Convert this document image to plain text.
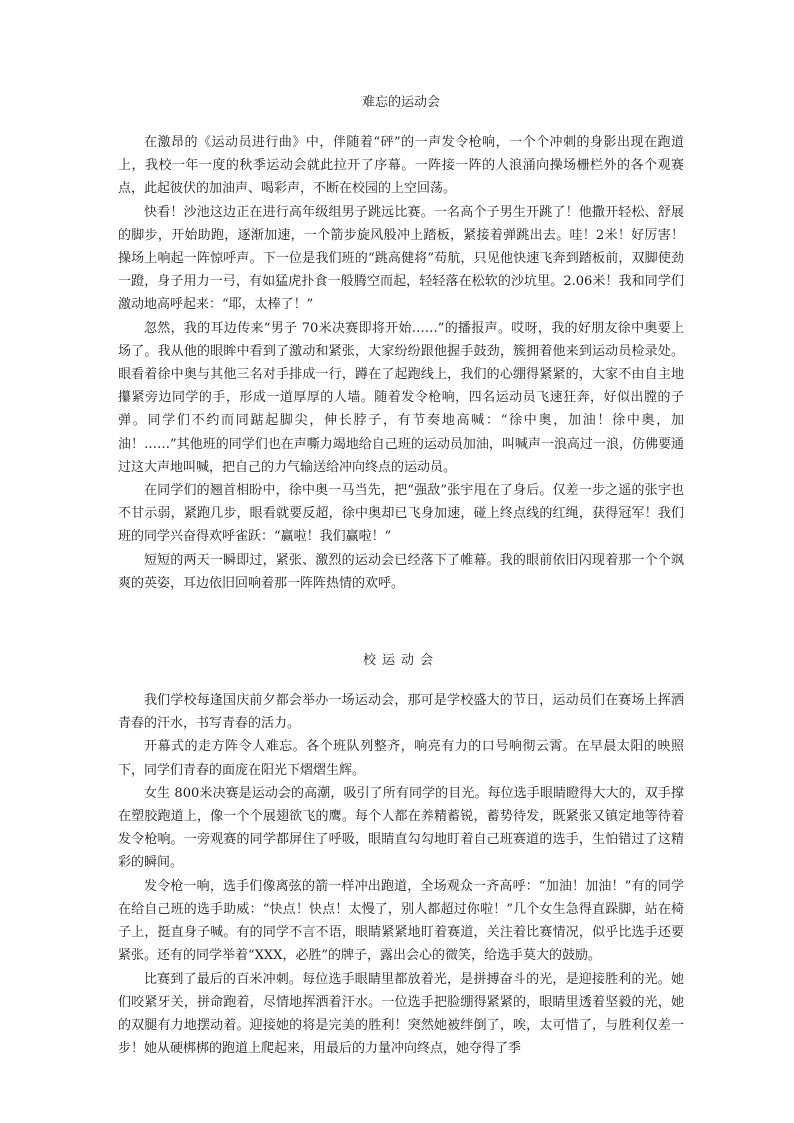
难忘的运动会

在激昂的《运动员进行曲》中，伴随着“砰”的一声发令枪响，一个个冲刺的身影出现在跑道上，我校一年一度的秋季运动会就此拉开了序幕。一阵接一阵的人浪涌向操场栅栏外的各个观赛点，此起彼伏的加油声、喝彩声，不断在校园的上空回荡。

快看！沙池这边正在进行高年级组男子跳远比赛。一名高个子男生开跳了！他撒开轻松、舒展的脚步，开始助跑，逐渐加速，一个箭步旋风般冲上踏板，紧接着弹跳出去。哇！2米！好厉害！操场上响起一阵惊呼声。下一位是我们班的“跳高健将”苟航，只见他快速飞奔到踏板前，双脚使劲一蹬，身子用力一弓，有如猛虎扑食一般腾空而起，轻轻落在松软的沙坑里。2.06米！我和同学们激动地高呼起来：“耶，太棒了！”

忽然，我的耳边传来“男子 70米决赛即将开始……”的播报声。哎呀，我的好朋友徐中奥要上场了。我从他的眼眸中看到了激动和紧张，大家纷纷跟他握手鼓劲，簇拥着他来到运动员检录处。眼看着徐中奥与其他三名对手排成一行，蹲在了起跑线上，我们的心绷得紧紧的，大家不由自主地攥紧旁边同学的手，形成一道厚厚的人墙。随着发令枪响，四名运动员飞速狂奔，好似出膛的子弹。同学们不约而同踮起脚尖，伸长脖子，有节奏地高喊：“徐中奥，加油！徐中奥，加油！……”其他班的同学们也在声嘶力竭地给自己班的运动员加油，叫喊声一浪高过一浪，仿佛要通过这大声地叫喊，把自己的力气输送给冲向终点的运动员。

在同学们的翘首相盼中，徐中奥一马当先，把“强敌”张宇甩在了身后。仅差一步之遥的张宇也不甘示弱，紧跑几步，眼看就要反超，徐中奥却已飞身加速，碰上终点线的红绳，获得冠军！我们班的同学兴奋得欢呼雀跃：“赢啦！我们赢啦！”

短短的两天一瞬即过，紧张、激烈的运动会已经落下了帷幕。我的眼前依旧闪现着那一个个飒爽的英姿，耳边依旧回响着那一阵阵热情的欢呼。

校运动会

我们学校每逢国庆前夕都会举办一场运动会，那可是学校盛大的节日，运动员们在赛场上挥洒青春的汗水，书写青春的活力。

开幕式的走方阵令人难忘。各个班队列整齐，响亮有力的口号响彻云霄。在早晨太阳的映照下，同学们青春的面庞在阳光下熠熠生辉。

女生 800米决赛是运动会的高潮，吸引了所有同学的目光。每位选手眼睛瞪得大大的，双手撑在塑胶跑道上，像一个个展翅欲飞的鹰。每个人都在养精蓄锐，蓄势待发，既紧张又镇定地等待着发令枪响。一旁观赛的同学都屏住了呼吸，眼睛直勾勾地盯着自己班赛道的选手，生怕错过了这精彩的瞬间。

发令枪一响，选手们像离弦的箭一样冲出跑道，全场观众一齐高呼：“加油！加油！”有的同学在给自己班的选手助威：“快点！快点！太慢了，别人都超过你啦！”几个女生急得直跺脚，站在椅子上，挺直身子喊。有的同学不言不语，眼睛紧紧地盯着赛道，关注着比赛情况，似乎比选手还要紧张。还有的同学举着“XXX，必胜”的牌子，露出会心的微笑，给选手莫大的鼓励。

比赛到了最后的百米冲刺。每位选手眼睛里都放着光，是拼搏奋斗的光，是迎接胜利的光。她们咬紧牙关，拼命跑着，尽情地挥洒着汗水。一位选手把脸绷得紧紧的，眼睛里透着坚毅的光，她的双腿有力地摆动着。迎接她的将是完美的胜利！突然她被绊倒了，唉，太可惜了，与胜利仅差一步！她从硬梆梆的跑道上爬起来，用最后的力量冲向终点，她夺得了季
